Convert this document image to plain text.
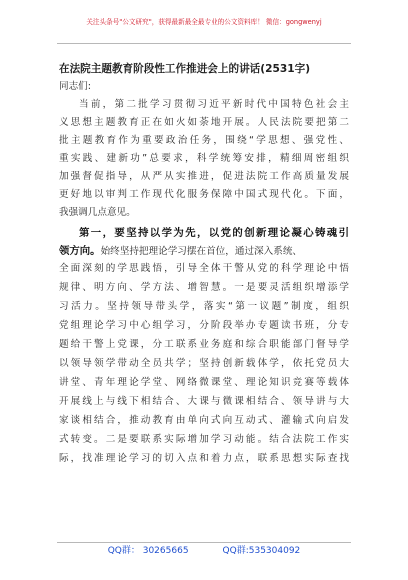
关注头条号"公文研究"，获得最新最全最专业的公文资料库！ 微信：gongwenyj
在法院主题教育阶段性工作推进会上的讲话(2531字)
同志们:
当前，第二批学习贯彻习近平新时代中国特色社会主
义思想主题教育正在如火如荼地开展。人民法院要把第二
批主题教育作为重要政治任务，围绕“学思想、强党性、
重实践、建新功”总要求，科学统筹安排，精细周密组织
加强督促指导，从严从实推进，促进法院工作高质量发展
更好地以审判工作现代化服务保障中国式现代化。下面，
我强调几点意见。
第一，要坚持以学为先，以党的创新理论凝心铸魂引
领方向。始终坚持把理论学习摆在首位，通过深入系统、
全面深刻的学思践悟，引导全体干警从党的科学理论中悟
规律、明方向、学方法、增智慧。一是要灵活组织增添学
习活力。坚持领导带头学，落实“第一议题”制度，组织
党组理论学习中心组学习，分阶段举办专题读书班，分专
题给干警上党课，分工联系业务庭和综合职能部门督导学
以领导领学带动全员共学；坚持创新载体学，依托党员大
讲堂、青年理论学堂、网络微课堂、理论知识竞赛等载体
开展线上与线下相结合、大课与微课相结合、领导讲与大
家谈相结合，推动教育由单向式向互动式、灌输式向启发
式转变。二是要联系实际增加学习动能。结合法院工作实
际，找准理论学习的切入点和着力点，联系思想实际查找
QQ群： 30265665	QQ群:535304092
